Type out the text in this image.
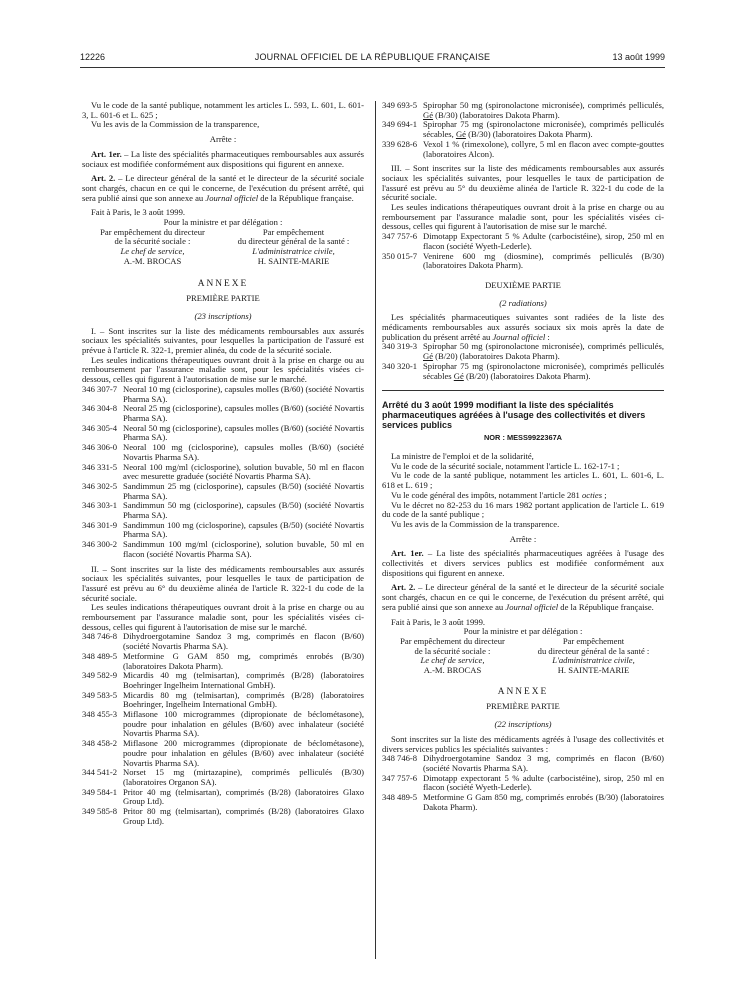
12226	JOURNAL OFFICIEL DE LA RÉPUBLIQUE FRANÇAISE	13 août 1999

Vu le code de la santé publique, notamment les articles L. 593, L. 601, L. 601-3, L. 601-6 et L. 625 ;

Vu les avis de la Commission de la transparence,

Arrête :

Art. 1er. – La liste des spécialités pharmaceutiques remboursables aux assurés sociaux est modifiée conformément aux dispositions qui figurent en annexe.

Art. 2. – Le directeur général de la santé et le directeur de la sécurité sociale sont chargés, chacun en ce qui le concerne, de l'exécution du présent arrêté, qui sera publié ainsi que son annexe au Journal officiel de la République française.

Fait à Paris, le 3 août 1999.

Pour la ministre et par délégation :

Par empêchement du directeur
de la sécurité sociale :
Le chef de service,
A.-M. BROCAS
Par empêchement
du directeur général de la santé :
L'administratrice civile,
H. SAINTE-MARIE

ANNEXE

PREMIÈRE PARTIE

(23 inscriptions)

I. – Sont inscrites sur la liste des médicaments remboursables aux assurés sociaux les spécialités suivantes, pour lesquelles la participation de l'assuré est prévue à l'article R. 322-1, premier alinéa, du code de la sécurité sociale.

Les seules indications thérapeutiques ouvrant droit à la prise en charge ou au remboursement par l'assurance maladie sont, pour les spécialités visées ci-dessous, celles qui figurent à l'autorisation de mise sur le marché.

346 307-7 Neoral 10 mg (ciclosporine), capsules molles (B/60) (société Novartis Pharma SA).
346 304-8 Neoral 25 mg (ciclosporine), capsules molles (B/60) (société Novartis Pharma SA).
346 305-4 Neoral 50 mg (ciclosporine), capsules molles (B/60) (société Novartis Pharma SA).
346 306-0 Neoral 100 mg (ciclosporine), capsules molles (B/60) (société Novartis Pharma SA).
346 331-5 Neoral 100 mg/ml (ciclosporine), solution buvable, 50 ml en flacon avec mesurette graduée (société Novartis Pharma SA).
346 302-5 Sandimmun 25 mg (ciclosporine), capsules (B/50) (société Novartis Pharma SA).
346 303-1 Sandimmun 50 mg (ciclosporine), capsules (B/50) (société Novartis Pharma SA).
346 301-9 Sandimmun 100 mg (ciclosporine), capsules (B/50) (société Novartis Pharma SA).
346 300-2 Sandimmun 100 mg/ml (ciclosporine), solution buvable, 50 ml en flacon (société Novartis Pharma SA).

II. – Sont inscrites sur la liste des médicaments remboursables aux assurés sociaux les spécialités suivantes, pour lesquelles le taux de participation de l'assuré est prévu au 6° du deuxième alinéa de l'article R. 322-1 du code de la sécurité sociale.

Les seules indications thérapeutiques ouvrant droit à la prise en charge ou au remboursement par l'assurance maladie sont, pour les spécialités visées ci-dessous, celles qui figurent à l'autorisation de mise sur le marché.

348 746-8 Dihydroergotamine Sandoz 3 mg, comprimés en flacon (B/60) (société Novartis Pharma SA).
348 489-5 Metformine G GAM 850 mg, comprimés enrobés (B/30) (laboratoires Dakota Pharm).
349 582-9 Micardis 40 mg (telmisartan), comprimés (B/28) (laboratoires Boehringer Ingelheim International GmbH).
349 583-5 Micardis 80 mg (telmisartan), comprimés (B/28) (laboratoires Boehringer, Ingelheim International GmbH).
348 455-3 Miflasone 100 microgrammes (dipropionate de béclométasone), poudre pour inhalation en gélules (B/60) avec inhalateur (société Novartis Pharma SA).
348 458-2 Miflasone 200 microgrammes (dipropionate de béclométasone), poudre pour inhalation en gélules (B/60) avec inhalateur (société Novartis Pharma SA).
344 541-2 Norset 15 mg (mirtazapine), comprimés pelliculés (B/30) (laboratoires Organon SA).
349 584-1 Pritor 40 mg (telmisartan), comprimés (B/28) (laboratoires Glaxo Group Ltd).
349 585-8 Pritor 80 mg (telmisartan), comprimés (B/28) (laboratoires Glaxo Group Ltd).
349 693-5 Spirophar 50 mg (spironolactone micronisée), comprimés pelliculés, Gé (B/30) (laboratoires Dakota Pharm).
349 694-1 Spirophar 75 mg (spironolactone micronisée), comprimés pelliculés sécables, Gé (B/30) (laboratoires Dakota Pharm).
339 628-6 Vexol 1 % (rimexolone), collyre, 5 ml en flacon avec compte-gouttes (laboratoires Alcon).

III. – Sont inscrites sur la liste des médicaments remboursables aux assurés sociaux les spécialités suivantes, pour lesquelles le taux de participation de l'assuré est prévu au 5° du deuxième alinéa de l'article R. 322-1 du code de la sécurité sociale.

Les seules indications thérapeutiques ouvrant droit à la prise en charge ou au remboursement par l'assurance maladie sont, pour les spécialités visées ci-dessous, celles qui figurent à l'autorisation de mise sur le marché.

347 757-6 Dimotapp Expectorant 5 % Adulte (carbocistéine), sirop, 250 ml en flacon (société Wyeth-Lederle).
350 015-7 Venirene 600 mg (diosmine), comprimés pelliculés (B/30) (laboratoires Dakota Pharm).

DEUXIÈME PARTIE

(2 radiations)

Les spécialités pharmaceutiques suivantes sont radiées de la liste des médicaments remboursables aux assurés sociaux six mois après la date de publication du présent arrêté au Journal officiel :

340 319-3 Spirophar 50 mg (spironolactone micronisée), comprimés pelliculés, Gé (B/20) (laboratoires Dakota Pharm).
340 320-1 Spirophar 75 mg (spironolactone micronisée), comprimés pelliculés sécables Gé (B/20) (laboratoires Dakota Pharm).

Arrêté du 3 août 1999 modifiant la liste des spécialités pharmaceutiques agréées à l'usage des collectivités et divers services publics

NOR : MESS9922367A

La ministre de l'emploi et de la solidarité,

Vu le code de la sécurité sociale, notamment l'article L. 162-17-1 ;

Vu le code de la santé publique, notamment les articles L. 601, L. 601-6, L. 618 et L. 619 ;

Vu le code général des impôts, notamment l'article 281 octies ;

Vu le décret no 82-253 du 16 mars 1982 portant application de l'article L. 619 du code de la santé publique ;

Vu les avis de la Commission de la transparence.

Arrête :

Art. 1er. – La liste des spécialités pharmaceutiques agréées à l'usage des collectivités et divers services publics est modifiée conformément aux dispositions qui figurent en annexe.

Art. 2. – Le directeur général de la santé et le directeur de la sécurité sociale sont chargés, chacun en ce qui le concerne, de l'exécution du présent arrêté, qui sera publié ainsi que son annexe au Journal officiel de la République française.

Fait à Paris, le 3 août 1999.

Pour la ministre et par délégation :

Par empêchement du directeur
de la sécurité sociale :
Le chef de service,
A.-M. BROCAS
Par empêchement
du directeur général de la santé :
L'administratrice civile,
H. SAINTE-MARIE

ANNEXE

PREMIÈRE PARTIE

(22 inscriptions)

Sont inscrites sur la liste des médicaments agréés à l'usage des collectivités et divers services publics les spécialités suivantes :

348 746-8 Dihydroergotamine Sandoz 3 mg, comprimés en flacon (B/60) (société Novartis Pharma SA).
347 757-6 Dimotapp expectorant 5 % adulte (carbocistéine), sirop, 250 ml en flacon (société Wyeth-Lederle).
348 489-5 Metformine G Gam 850 mg, comprimés enrobés (B/30) (laboratoires Dakota Pharm).
